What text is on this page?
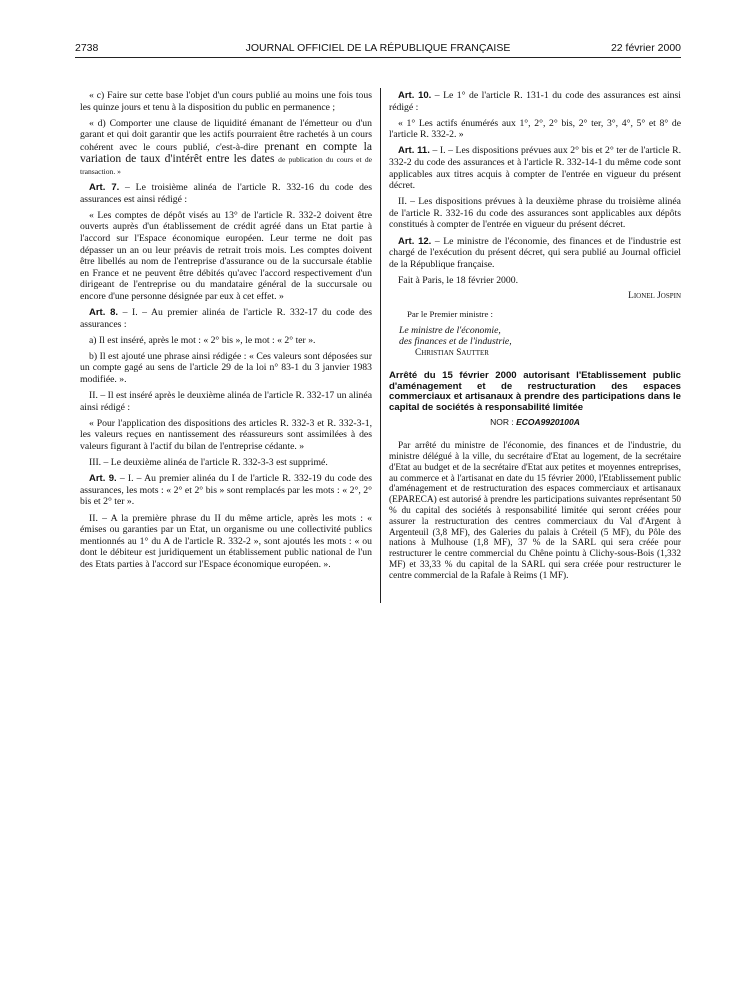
2738	JOURNAL OFFICIEL DE LA RÉPUBLIQUE FRANÇAISE	22 février 2000

« c) Faire sur cette base l'objet d'un cours publié au moins une fois tous les quinze jours et tenu à la disposition du public en permanence ;

« d) Comporter une clause de liquidité émanant de l'émetteur ou d'un garant et qui doit garantir que les actifs pourraient être rachetés à un cours cohérent avec le cours publié, c'est-à-dire prenant en compte la variation de taux d'intérêt entre les dates de publication du cours et de transaction. »

Art. 7. – Le troisième alinéa de l'article R. 332-16 du code des assurances est ainsi rédigé :

« Les comptes de dépôt visés au 13° de l'article R. 332-2 doivent être ouverts auprès d'un établissement de crédit agréé dans un Etat partie à l'accord sur l'Espace économique européen. Leur terme ne doit pas dépasser un an ou leur préavis de retrait trois mois. Les comptes doivent être libellés au nom de l'entreprise d'assurance ou de la succursale établie en France et ne peuvent être débités qu'avec l'accord respectivement d'un dirigeant de l'entreprise ou du mandataire général de la succursale ou encore d'une personne désignée par eux à cet effet. »

Art. 8. – I. – Au premier alinéa de l'article R. 332-17 du code des assurances :

a) Il est inséré, après le mot : « 2° bis », le mot : « 2° ter ».

b) Il est ajouté une phrase ainsi rédigée : « Ces valeurs sont déposées sur un compte gagé au sens de l'article 29 de la loi n° 83-1 du 3 janvier 1983 modifiée. ».

II. – Il est inséré après le deuxième alinéa de l'article R. 332-17 un alinéa ainsi rédigé :

« Pour l'application des dispositions des articles R. 332-3 et R. 332-3-1, les valeurs reçues en nantissement des réassureurs sont assimilées à des valeurs figurant à l'actif du bilan de l'entreprise cédante. »

III. – Le deuxième alinéa de l'article R. 332-3-3 est supprimé.

Art. 9. – I. – Au premier alinéa du I de l'article R. 332-19 du code des assurances, les mots : « 2° et 2° bis » sont remplacés par les mots : « 2°, 2° bis et 2° ter ».

II. – A la première phrase du II du même article, après les mots : « émises ou garanties par un Etat, un organisme ou une collectivité publics mentionnés au 1° du A de l'article R. 332-2 », sont ajoutés les mots : « ou dont le débiteur est juridiquement un établissement public national de l'un des Etats parties à l'accord sur l'Espace économique européen. ».

Art. 10. – Le 1° de l'article R. 131-1 du code des assurances est ainsi rédigé :

« 1° Les actifs énumérés aux 1°, 2°, 2° bis, 2° ter, 3°, 4°, 5° et 8° de l'article R. 332-2. »

Art. 11. – I. – Les dispositions prévues aux 2° bis et 2° ter de l'article R. 332-2 du code des assurances et à l'article R. 332-14-1 du même code sont applicables aux titres acquis à compter de l'entrée en vigueur du présent décret.

II. – Les dispositions prévues à la deuxième phrase du troisième alinéa de l'article R. 332-16 du code des assurances sont applicables aux dépôts constitués à compter de l'entrée en vigueur du présent décret.

Art. 12. – Le ministre de l'économie, des finances et de l'industrie est chargé de l'exécution du présent décret, qui sera publié au Journal officiel de la République française.

Fait à Paris, le 18 février 2000.

Lionel Jospin
Par le Premier ministre :
Le ministre de l'économie,
des finances et de l'industrie,
Christian Sautter
Arrêté du 15 février 2000 autorisant l'Etablissement public d'aménagement et de restructuration des espaces commerciaux et artisanaux à prendre des participations dans le capital de sociétés à responsabilité limitée
NOR : ECOA9920100A

Par arrêté du ministre de l'économie, des finances et de l'industrie, du ministre délégué à la ville, du secrétaire d'Etat au logement, de la secrétaire d'Etat au budget et de la secrétaire d'Etat aux petites et moyennes entreprises, au commerce et à l'artisanat en date du 15 février 2000, l'Etablissement public d'aménagement et de restructuration des espaces commerciaux et artisanaux (EPARECA) est autorisé à prendre les participations suivantes représentant 50 % du capital des sociétés à responsabilité limitée qui seront créées pour assurer la restructuration des centres commerciaux du Val d'Argent à Argenteuil (3,8 MF), des Galeries du palais à Créteil (5 MF), du Pôle des nations à Mulhouse (1,8 MF), 37 % de la SARL qui sera créée pour restructurer le centre commercial du Chêne pointu à Clichy-sous-Bois (1,332 MF) et 33,33 % du capital de la SARL qui sera créée pour restructurer le centre commercial de la Rafale à Reims (1 MF).
